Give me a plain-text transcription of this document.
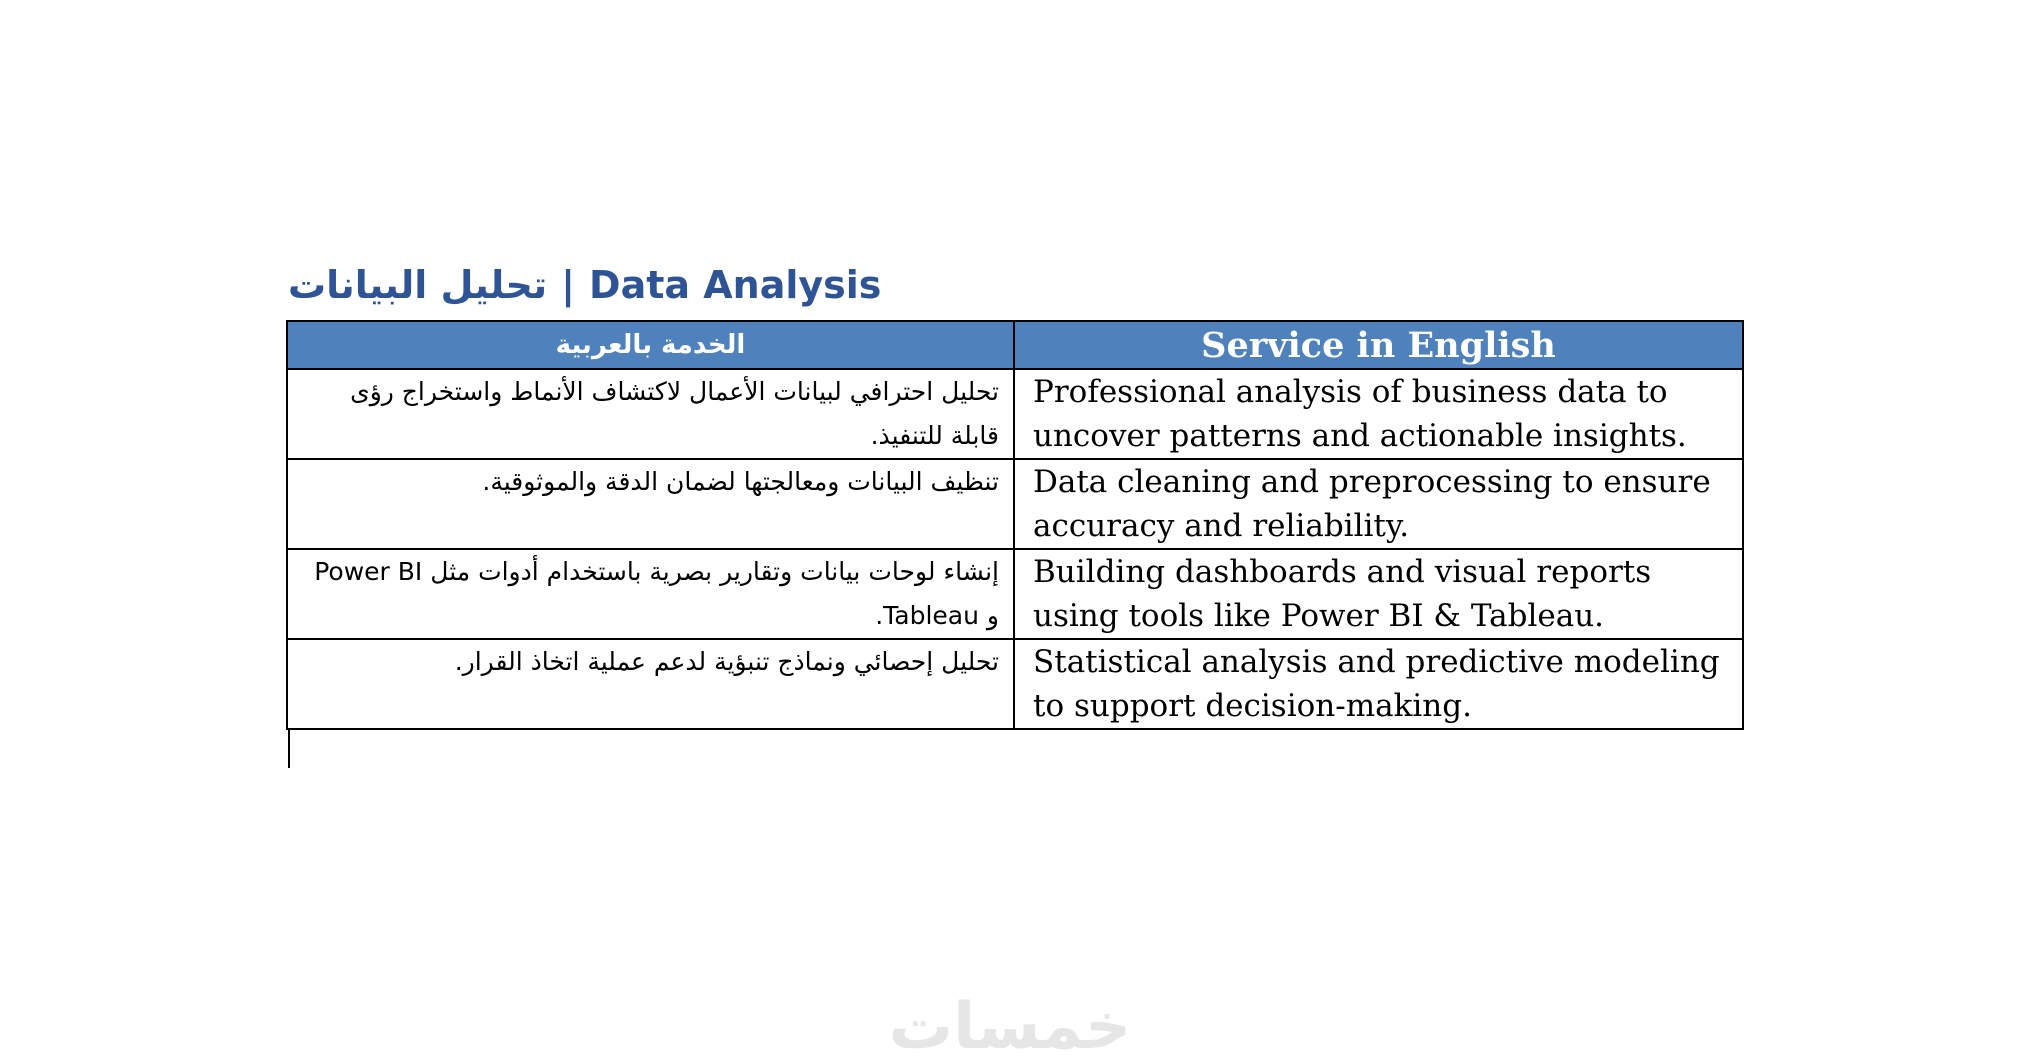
تحليل البيانات | Data Analysis
الخدمة بالعربية	Service in English
تحليل احترافي لبيانات الأعمال لاكتشاف الأنماط واستخراج رؤى قابلة للتنفيذ.	Professional analysis of business data to uncover patterns and actionable insights.
تنظيف البيانات ومعالجتها لضمان الدقة والموثوقية.	Data cleaning and preprocessing to ensure accuracy and reliability.
إنشاء لوحات بيانات وتقارير بصرية باستخدام أدوات مثل Power BI و Tableau.	Building dashboards and visual reports using tools like Power BI & Tableau.
تحليل إحصائي ونماذج تنبؤية لدعم عملية اتخاذ القرار.	Statistical analysis and predictive modeling to support decision-making.
خمسات
